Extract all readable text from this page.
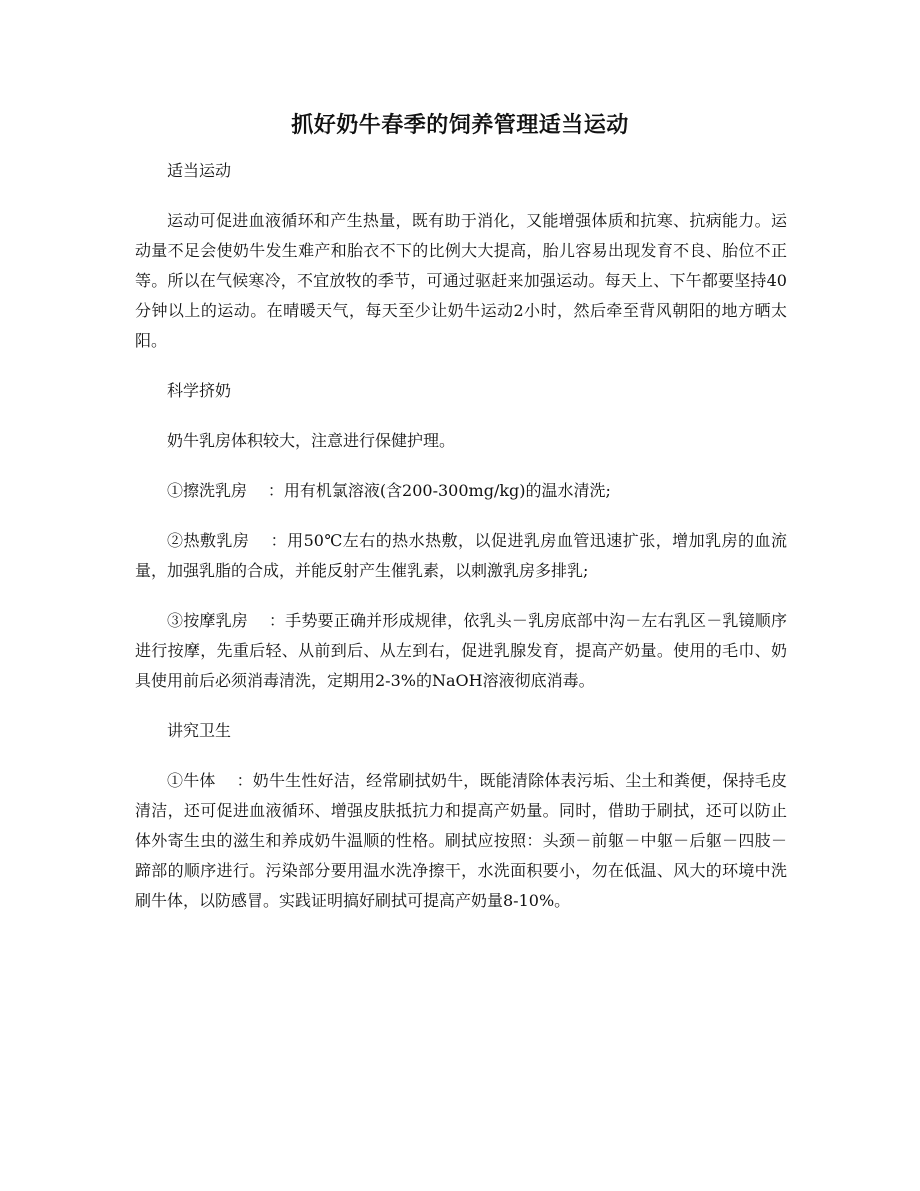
抓好奶牛春季的饲养管理适当运动
适当运动

运动可促进血液循环和产生热量，既有助于消化，又能增强体质和抗寒、抗病能力。运动量不足会使奶牛发生难产和胎衣不下的比例大大提高，胎儿容易出现发育不良、胎位不正等。所以在气候寒冷，不宜放牧的季节，可通过驱赶来加强运动。每天上、下午都要坚持40分钟以上的运动。在晴暖天气，每天至少让奶牛运动2小时，然后牵至背风朝阳的地方晒太阳。

科学挤奶

奶牛乳房体积较大，注意进行保健护理。

①擦洗乳房 ：用有机氯溶液(含200-300mg/kg)的温水清洗;

②热敷乳房 ：用50℃左右的热水热敷，以促进乳房血管迅速扩张，增加乳房的血流量，加强乳脂的合成，并能反射产生催乳素，以刺激乳房多排乳;

③按摩乳房 ：手势要正确并形成规律，依乳头－乳房底部中沟－左右乳区－乳镜顺序进行按摩，先重后轻、从前到后、从左到右，促进乳腺发育，提高产奶量。使用的毛巾、奶具使用前后必须消毒清洗，定期用2-3%的NaOH溶液彻底消毒。

讲究卫生

①牛体 ：奶牛生性好洁，经常刷拭奶牛，既能清除体表污垢、尘土和粪便，保持毛皮清洁，还可促进血液循环、增强皮肤抵抗力和提高产奶量。同时，借助于刷拭，还可以防止体外寄生虫的滋生和养成奶牛温顺的性格。刷拭应按照：头颈－前躯－中躯－后躯－四肢－蹄部的顺序进行。污染部分要用温水洗净擦干，水洗面积要小，勿在低温、风大的环境中洗刷牛体，以防感冒。实践证明搞好刷拭可提高产奶量8-10%。
